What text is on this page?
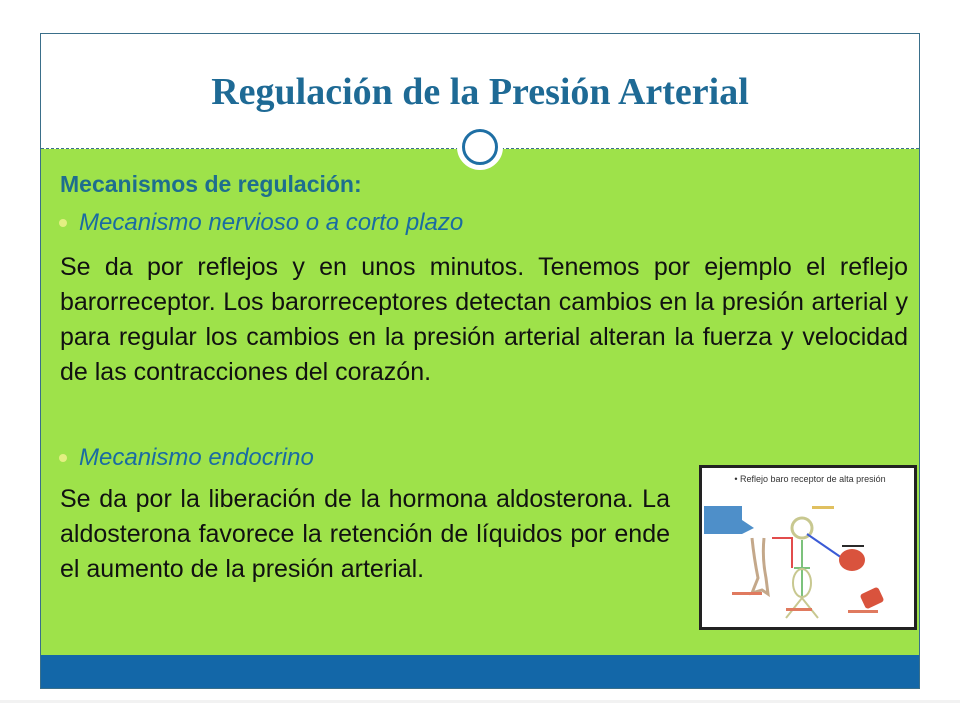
Regulación de la Presión Arterial
Mecanismos de regulación:
Mecanismo nervioso o a corto plazo
Se da por reflejos y en unos minutos. Tenemos por ejemplo el reflejo barorreceptor. Los barorreceptores detectan cambios en la presión arterial y para regular los cambios en la presión arterial alteran la fuerza y velocidad de las contracciones del corazón.
Mecanismo endocrino
Se da por la liberación de la hormona aldosterona. La aldosterona favorece la retención de líquidos por ende el aumento de la presión arterial.
• Reflejo baro receptor de alta presión
